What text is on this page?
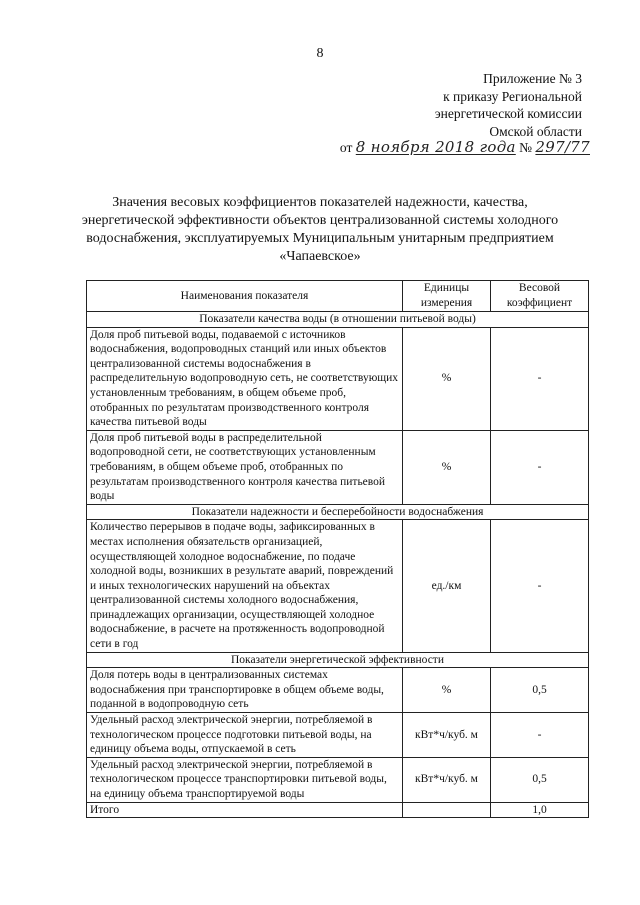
8
Приложение № 3
к приказу Региональной
энергетической комиссии
Омской области
от 8 ноября 2018 года № 297/77
Значения весовых коэффициентов показателей надежности, качества, энергетической эффективности объектов централизованной системы холодного водоснабжения, эксплуатируемых Муниципальным унитарным предприятием «Чапаевское»
Наименования показателя	Единицы измерения	Весовой коэффициент
Показатели качества воды (в отношении питьевой воды)		
Доля проб питьевой воды, подаваемой с источников водоснабжения, водопроводных станций или иных объектов централизованной системы водоснабжения в распределительную водопроводную сеть, не соответствующих установленным требованиям, в общем объеме проб, отобранных по результатам производственного контроля качества питьевой воды	%	-
Доля проб питьевой воды в распределительной водопроводной сети, не соответствующих установленным требованиям, в общем объеме проб, отобранных по результатам производственного контроля качества питьевой воды	%	-
Показатели надежности и бесперебойности водоснабжения		
Количество перерывов в подаче воды, зафиксированных в местах исполнения обязательств организацией, осуществляющей холодное водоснабжение, по подаче холодной воды, возникших в результате аварий, повреждений и иных технологических нарушений на объектах централизованной системы холодного водоснабжения, принадлежащих организации, осуществляющей холодное водоснабжение, в расчете на протяженность водопроводной сети в год	ед./км	-
Показатели энергетической эффективности		
Доля потерь воды в централизованных системах водоснабжения при транспортировке в общем объеме воды, поданной в водопроводную сеть	%	0,5
Удельный расход электрической энергии, потребляемой в технологическом процессе подготовки питьевой воды, на единицу объема воды, отпускаемой в сеть	кВт*ч/куб. м	-
Удельный расход электрической энергии, потребляемой в технологическом процессе транспортировки питьевой воды, на единицу объема транспортируемой воды	кВт*ч/куб. м	0,5
Итого		1,0
